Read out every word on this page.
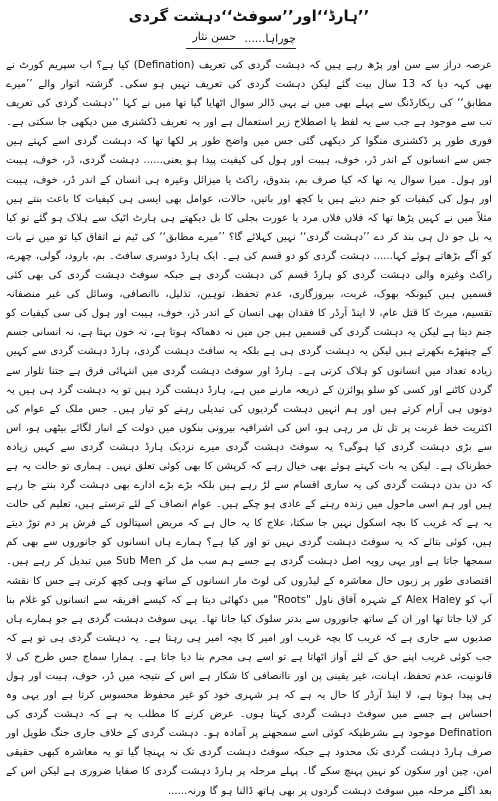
’’ہارڈ‘‘اور’’سوفٹ‘‘دہشت گردی
چوراہا......
حسن نثار

عرصہ دراز سے سن اور پڑھ رہے ہیں کہ دہشت گردی کی تعریف (Defination) کیا ہے؟ اب سپریم کورٹ نے بھی کہہ دیا کہ 13 سال بیت گئے لیکن دہشت گردی کی تعریف نہیں ہو سکی۔ گزشتہ اتوار والے ’’میرے مطابق‘‘ کی ریکارڈنگ سے پہلے بھی میں نے یہی ڈالر سوال اٹھایا گیا تھا میں نے کہا ’’دہشت گردی کی تعریف تب سے موجود ہے جب سے یہ لفظ یا اصطلاح زیر استعمال ہے اور یہ تعریف ڈکشنری میں دیکھی جا سکتی ہے۔ فوری طور پر ڈکشنری منگوا کر دیکھی گئی جس میں واضح طور پر لکھا تھا کہ دہشت گردی اسے کہتے ہیں جس سے انسانوں کے اندر ڈر، خوف، ہیبت اور ہول کی کیفیت پیدا ہو یعنی...... دہشت گردی، ڈر، خوف، ہیبت اور ہول۔ میرا سوال یہ تھا کہ کیا صرف بم، بندوق، راکٹ یا میزائل وغیرہ ہی انسان کے اندر ڈر، خوف، ہیبت اور ہول کی کیفیات کو جنم دیتے ہیں یا کچھ اور باتیں، حالات، عوامل بھی ایسی ہی کیفیات کا باعث بنتے ہیں مثلاً میں نے کہیں پڑھا تھا کہ فلاں فلاں مرد یا عورت بجلی کا بل دیکھتے ہی ہارٹ اٹیک سے ہلاک ہو گئے تو کیا یہ بل جو دل ہی بند کر دے ’’دہشت گردی‘‘ نہیں کہلائے گا؟ ’’میرے مطابق‘‘ کی ٹیم نے اتفاق کیا تو میں نے بات کو آگے بڑھاتے ہوئے کہا...... دہشت گردی کو دو قسم کی ہے۔ ایک ہارڈ دوسری سافٹ۔ بم، بارود، گولی، چھرے، راکٹ وغیرہ والی دہشت گردی کو ہارڈ قسم کی دہشت گردی ہے جبکہ سوفٹ دہشت گردی کی بھی کئی قسمیں ہیں کیونکہ بھوک، غربت، بیروزگاری، عدم تحفظ، توہین، تذلیل، ناانصافی، وسائل کی غیر منصفانہ تقسیم، میرٹ کا قتل عام، لا اینڈ آرڈر کا فقدان بھی انسان کے اندر ڈر، خوف، ہیبت اور ہول کی سی کیفیات کو جنم دیتا ہے لیکن یہ دہشت گردی کی قسمیں ہیں جن میں نہ دھماکہ ہوتا ہے، نہ خون بہتا ہے، نہ انسانی جسم کے چیتھڑے بکھرتے ہیں لیکن یہ دہشت گردی ہی ہے بلکہ یہ سافٹ دہشت گردی، ہارڈ دہشت گردی سے کہیں زیادہ تعداد میں انسانوں کو ہلاک کرتی ہے۔ ہارڈ اور سوفٹ دہشت گردی میں انتہائی فرق ہے جتنا تلوار سے گردن کاٹنے اور کسی کو سلو پوائزن کے ذریعہ مارنے میں ہے، ہارڈ دہشت گرد ہیں تو یہ دہشت گرد ہی ہیں یہ دونوں ہی آرام کرتے ہیں اور ہم انہیں دہشت گردیوں کی تبدیلی رہنے کو تیار ہیں۔ جس ملک کے عوام کی اکثریت خط غربت پر تل تل مر رہی ہو، اس کی اشرافیہ بیرونی بنکوں میں دولت کے انبار لگائے بیٹھی ہو، اس سے بڑی دہشت گردی کیا ہوگی؟ یہ سوفٹ دہشت گردی میرے نزدیک ہارڈ دہشت گردی سے کہیں زیادہ خطرناک ہے۔ لیکن یہ بات کہتے ہوئے بھی خیال رہے کہ کرپشن کا بھی کوئی تعلق نہیں۔ ہماری تو حالت یہ ہے کہ دن بدن دہشت گردی کی یہ ساری اقسام سے لڑ رہے ہیں بلکہ بڑے بڑے ادارے بھی دہشت گرد بنتے جا رہے ہیں اور ہم اسی ماحول میں زندہ رہنے کے عادی ہو چکے ہیں۔ عوام انصاف کے لئے ترستے ہیں، تعلیم کی حالت یہ ہے کہ غریب کا بچہ اسکول نہیں جا سکتا، علاج کا یہ حال ہے کہ مریض اسپتالوں کے فرش پر دم توڑ دیتے ہیں، کوئی بتائے کہ یہ سوفٹ دہشت گردی نہیں تو اور کیا ہے؟ ہمارے ہاں انسانوں کو جانوروں سے بھی کم سمجھا جاتا ہے اور یہی رویہ اصل دہشت گردی ہے جسے ہم سب مل کر Sub Men میں تبدیل کر رہے ہیں۔ اقتصادی طور پر زبوں حال معاشرہ کے لیڈروں کی لوٹ مار انسانوں کے ساتھ وہی کچھ کرتی ہے جس کا نقشہ آپ کو Alex Haley کے شہرہ آفاق ناول "Roots" میں دکھائی دیتا ہے کہ کیسے افریقہ سے انسانوں کو غلام بنا کر لایا جاتا تھا اور ان کے ساتھ جانوروں سے بدتر سلوک کیا جاتا تھا۔ یہی سوفٹ دہشت گردی ہے جو ہمارے ہاں صدیوں سے جاری ہے کہ غریب کا بچہ غریب اور امیر کا بچہ امیر ہی رہتا ہے۔ یہ دہشت گردی ہی تو ہے کہ جب کوئی غریب اپنے حق کے لئے آواز اٹھاتا ہے تو اسے ہی مجرم بنا دیا جاتا ہے۔ ہمارا سماج جس طرح کی لا قانونیت، عدم تحفظ، اہانت، غیر یقینی پن اور ناانصافی کا شکار ہے اس کے نتیجہ میں ڈر، خوف، ہیبت اور ہول ہی پیدا ہوتا ہے، لا اینڈ آرڈر کا حال یہ ہے کہ ہر شہری خود کو غیر محفوظ محسوس کرتا ہے اور یہی وہ احساس ہے جسے میں سوفٹ دہشت گردی کہتا ہوں۔ عرض کرنے کا مطلب یہ ہے کہ دہشت گردی کی Defination موجود ہے بشرطیکہ کوئی اسے سمجھنے پر آمادہ ہو۔ دہشت گردی کے خلاف جاری جنگ طویل اور صرف ہارڈ دہشت گردی تک محدود ہے جبکہ سوفٹ دہشت گردی تک نہ پہنچا گیا تو یہ معاشرہ کبھی حقیقی امن، چین اور سکون کو نہیں پہنچ سکے گا۔ پہلے مرحلہ پر ہارڈ دہشت گردی کا صفایا ضروری ہے لیکن اس کے بعد اگلے مرحلہ میں سوفٹ دہشت گردوں پر بھی ہاتھ ڈالنا ہو گا ورنہ......
